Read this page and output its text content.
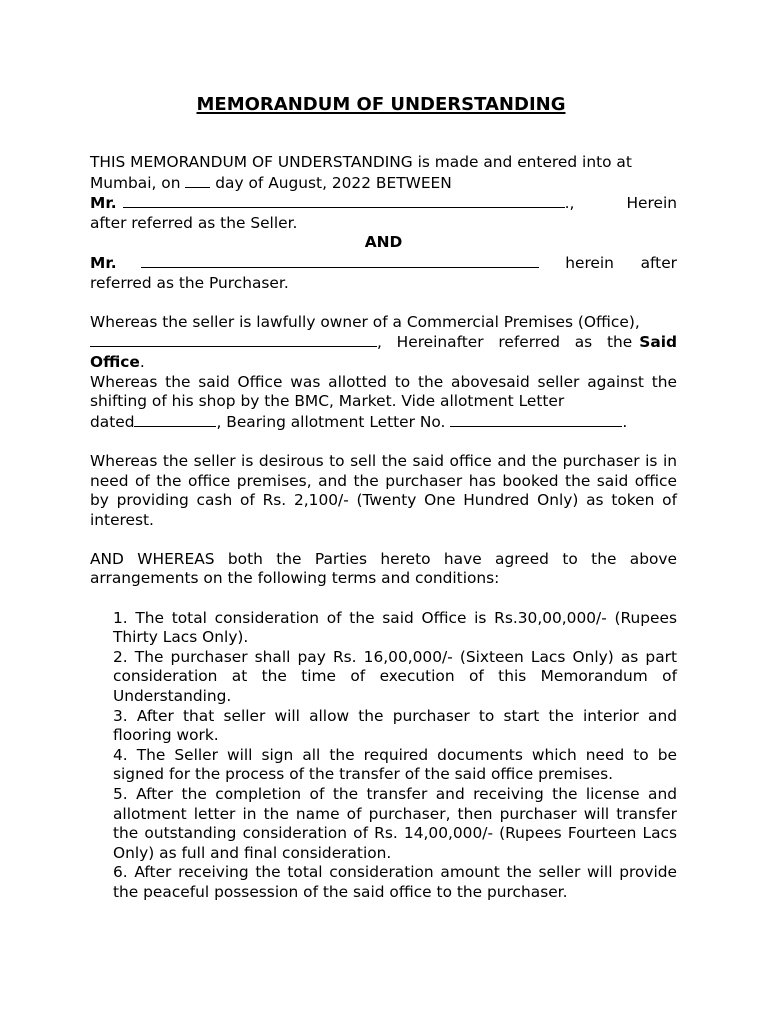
MEMORANDUM OF UNDERSTANDING

THIS MEMORANDUM OF UNDERSTANDING is made and entered into at
Mumbai, on day of August, 2022 BETWEEN

Mr.	.,	Herein

after referred as the Seller.

AND
Mr.	herein after

referred as the Purchaser.

Whereas the seller is lawfully owner of a Commercial Premises (Office),

, Hereinafter referred as the Said

Office.

Whereas the said Office was allotted to the abovesaid seller against the shifting of his shop by the BMC, Market. Vide allotment Letter
dated	, Bearing allotment Letter No.	.

Whereas the seller is desirous to sell the said office and the purchaser is in need of the office premises, and the purchaser has booked the said office by providing cash of Rs. 2,100/- (Twenty One Hundred Only) as token of interest.

AND WHEREAS both the Parties hereto have agreed to the above arrangements on the following terms and conditions:

1. The total consideration of the said Office is Rs.30,00,000/- (Rupees Thirty Lacs Only).
2. The purchaser shall pay Rs. 16,00,000/- (Sixteen Lacs Only) as part consideration at the time of execution of this Memorandum of Understanding.
3. After that seller will allow the purchaser to start the interior and flooring work.
4. The Seller will sign all the required documents which need to be signed for the process of the transfer of the said office premises.
5. After the completion of the transfer and receiving the license and allotment letter in the name of purchaser, then purchaser will transfer the outstanding consideration of Rs. 14,00,000/- (Rupees Fourteen Lacs Only) as full and final consideration.
6. After receiving the total consideration amount the seller will provide the peaceful possession of the said office to the purchaser.
